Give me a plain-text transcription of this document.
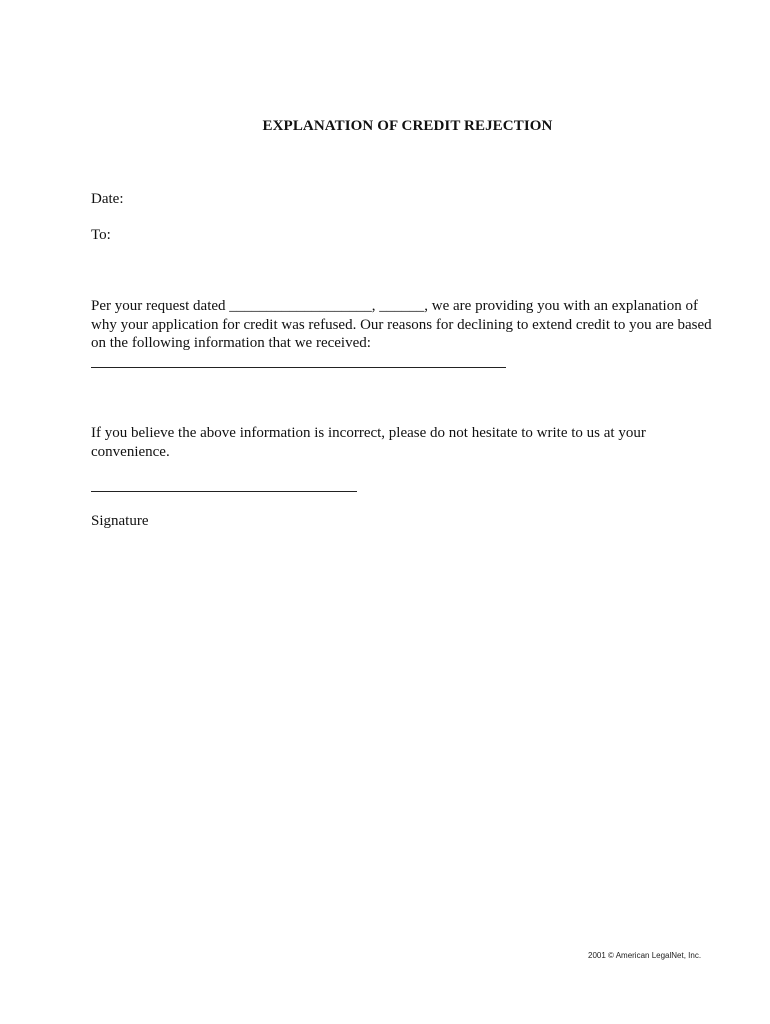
EXPLANATION OF CREDIT REJECTION

Date:

To:

Per your request dated ___________________, ______, we are providing you with an explanation of
why your application for credit was refused. Our reasons for declining to extend credit to you are based
on the following information that we received:
If you believe the above information is incorrect, please do not hesitate to write to us at your
convenience.

Signature

2001 © American LegalNet, Inc.
